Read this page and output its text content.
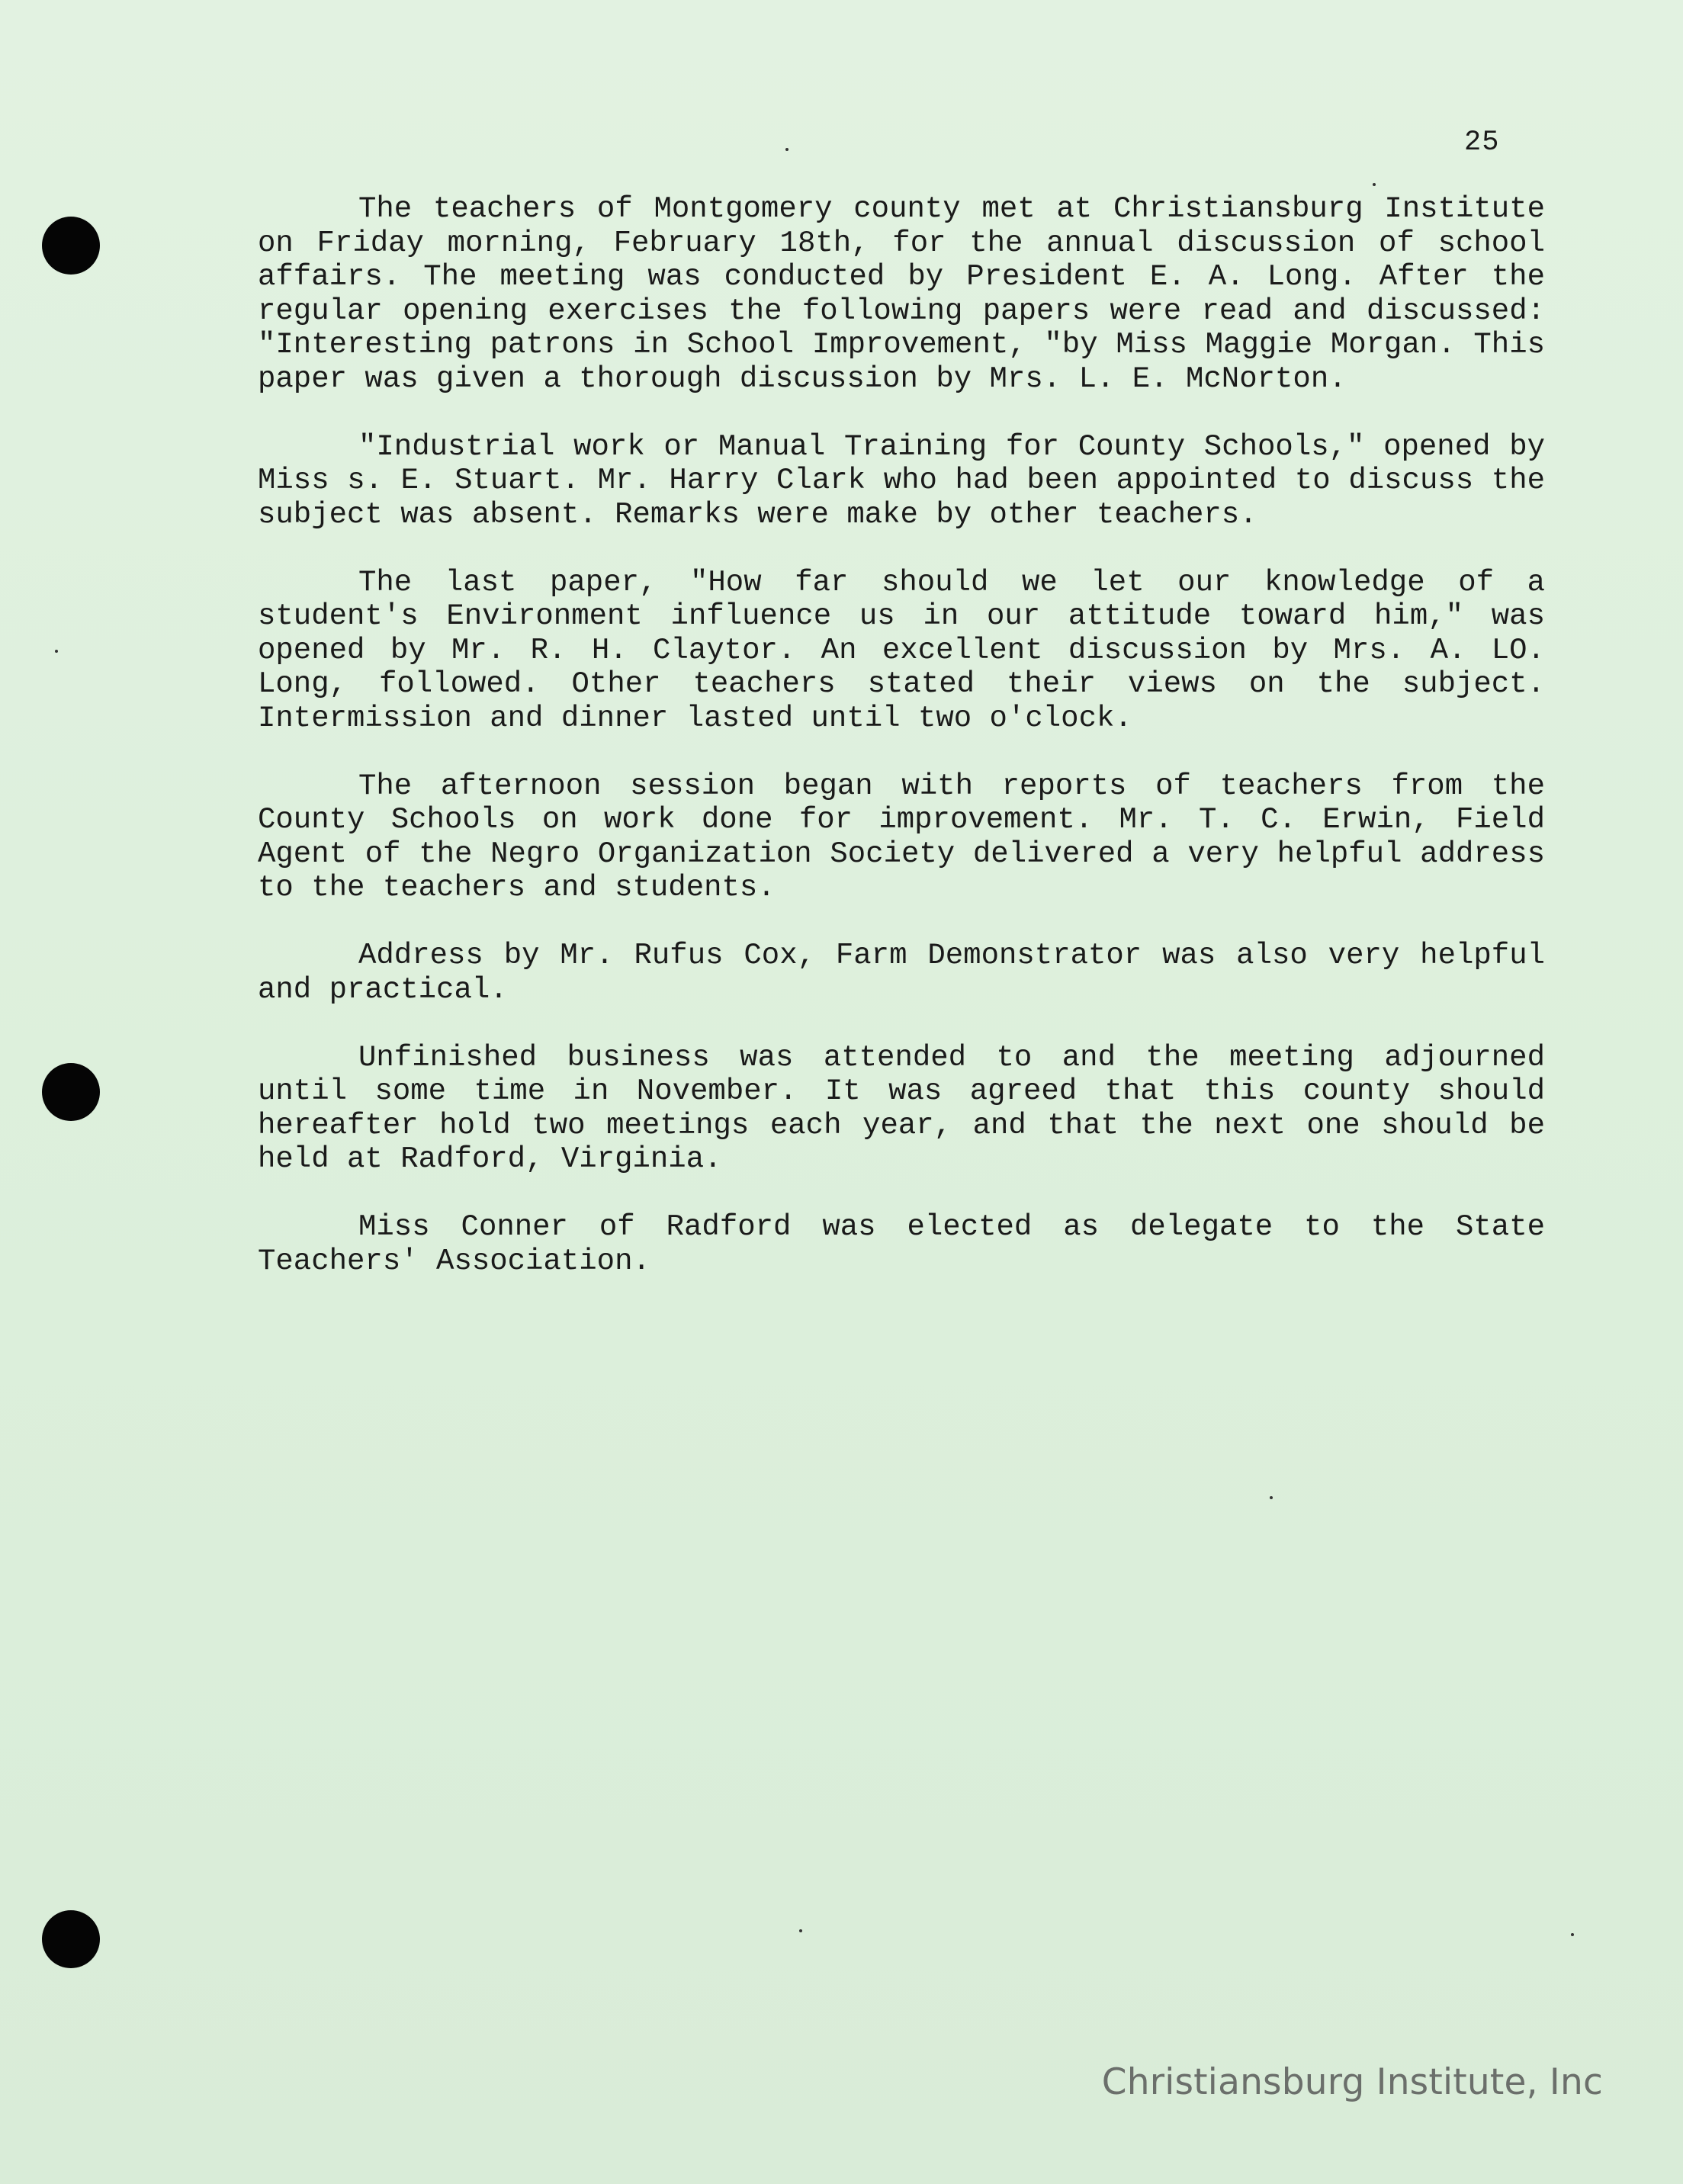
25

The teachers of Montgomery county met at Christiansburg Institute on Friday morning, February 18th, for the annual discussion of school affairs. The meeting was conducted by President E. A. Long. After the regular opening exercises the following papers were read and discussed: "Interesting patrons in School Improvement, "by Miss Maggie Morgan. This paper was given a thorough discussion by Mrs. L. E. McNorton.

"Industrial work or Manual Training for County Schools," opened by Miss s. E. Stuart. Mr. Harry Clark who had been appointed to discuss the subject was absent. Remarks were make by other teachers.

The last paper, "How far should we let our knowledge of a student's Environment influence us in our attitude toward him," was opened by Mr. R. H. Claytor. An excellent discussion by Mrs. A. LO. Long, followed. Other teachers stated their views on the subject. Intermission and dinner lasted until two o'clock.

The afternoon session began with reports of teachers from the County Schools on work done for improvement. Mr. T. C. Erwin, Field Agent of the Negro Organization Society delivered a very helpful address to the teachers and students.

Address by Mr. Rufus Cox, Farm Demonstrator was also very helpful and practical.

Unfinished business was attended to and the meeting adjourned until some time in November. It was agreed that this county should hereafter hold two meetings each year, and that the next one should be held at Radford, Virginia.

Miss Conner of Radford was elected as delegate to the State Teachers' Association.

Christiansburg Institute, Inc
